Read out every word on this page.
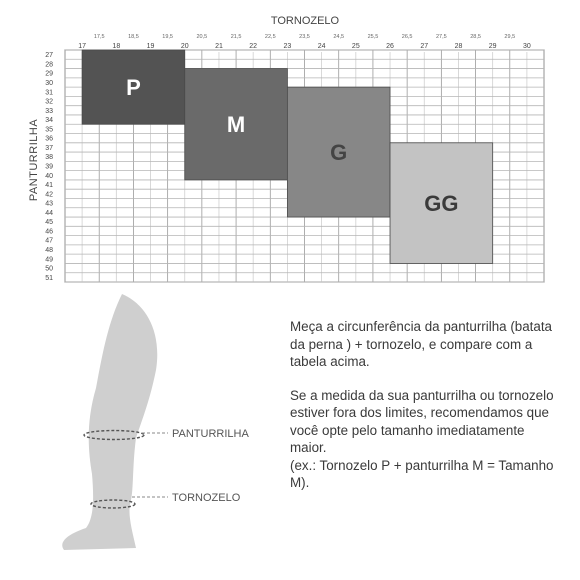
TORNOZELO
PANTURRILHA
17	18	19	20	21	22	23	24	25	26	27	28	29	30
17,5	18,5	19,5	20,5	21,5	22,5	23,5	24,5	25,5	26,5	27,5	28,5	29,5
27
28
29
30
31
32
33
34
35
36
37
38
39
40
41
42
43
44
45
46
47
48
49
50
51
P
M
G
GG
PANTURRILHA
TORNOZELO

Meça a circunferência da panturrilha (batata da perna ) + tornozelo, e compare com a tabela acima.

Se a medida da sua panturrilha ou tornozelo estiver fora dos limites, recomendamos que você opte pelo tamanho imediatamente maior.

(ex.: Tornozelo P + panturrilha M = Tamanho M).
